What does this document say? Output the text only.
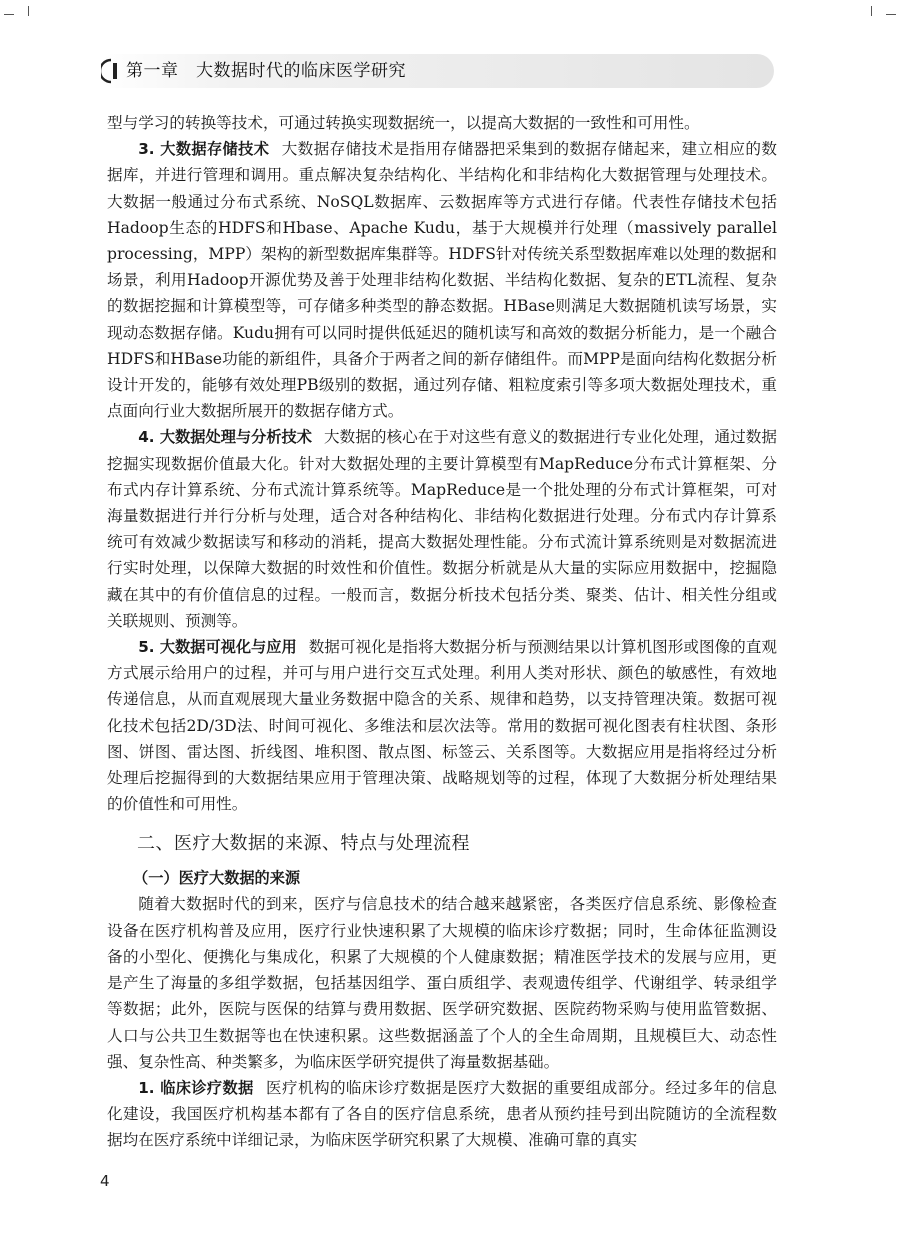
第一章　大数据时代的临床医学研究

型与学习的转换等技术，可通过转换实现数据统一，以提高大数据的一致性和可用性。

3. 大数据存储技术 大数据存储技术是指用存储器把采集到的数据存储起来，建立相应的数据库，并进行管理和调用。重点解决复杂结构化、半结构化和非结构化大数据管理与处理技术。大数据一般通过分布式系统、NoSQL数据库、云数据库等方式进行存储。代表性存储技术包括Hadoop生态的HDFS和Hbase、Apache Kudu，基于大规模并行处理（massively parallel processing，MPP）架构的新型数据库集群等。HDFS针对传统关系型数据库难以处理的数据和场景，利用Hadoop开源优势及善于处理非结构化数据、半结构化数据、复杂的ETL流程、复杂的数据挖掘和计算模型等，可存储多种类型的静态数据。HBase则满足大数据随机读写场景，实现动态数据存储。Kudu拥有可以同时提供低延迟的随机读写和高效的数据分析能力，是一个融合HDFS和HBase功能的新组件，具备介于两者之间的新存储组件。而MPP是面向结构化数据分析设计开发的，能够有效处理PB级别的数据，通过列存储、粗粒度索引等多项大数据处理技术，重点面向行业大数据所展开的数据存储方式。

4. 大数据处理与分析技术 大数据的核心在于对这些有意义的数据进行专业化处理，通过数据挖掘实现数据价值最大化。针对大数据处理的主要计算模型有MapReduce分布式计算框架、分布式内存计算系统、分布式流计算系统等。MapReduce是一个批处理的分布式计算框架，可对海量数据进行并行分析与处理，适合对各种结构化、非结构化数据进行处理。分布式内存计算系统可有效减少数据读写和移动的消耗，提高大数据处理性能。分布式流计算系统则是对数据流进行实时处理，以保障大数据的时效性和价值性。数据分析就是从大量的实际应用数据中，挖掘隐藏在其中的有价值信息的过程。一般而言，数据分析技术包括分类、聚类、估计、相关性分组或关联规则、预测等。

5. 大数据可视化与应用 数据可视化是指将大数据分析与预测结果以计算机图形或图像的直观方式展示给用户的过程，并可与用户进行交互式处理。利用人类对形状、颜色的敏感性，有效地传递信息，从而直观展现大量业务数据中隐含的关系、规律和趋势，以支持管理决策。数据可视化技术包括2D/3D法、时间可视化、多维法和层次法等。常用的数据可视化图表有柱状图、条形图、饼图、雷达图、折线图、堆积图、散点图、标签云、关系图等。大数据应用是指将经过分析处理后挖掘得到的大数据结果应用于管理决策、战略规划等的过程，体现了大数据分析处理结果的价值性和可用性。

二、医疗大数据的来源、特点与处理流程
（一）医疗大数据的来源

随着大数据时代的到来，医疗与信息技术的结合越来越紧密，各类医疗信息系统、影像检查设备在医疗机构普及应用，医疗行业快速积累了大规模的临床诊疗数据；同时，生命体征监测设备的小型化、便携化与集成化，积累了大规模的个人健康数据；精准医学技术的发展与应用，更是产生了海量的多组学数据，包括基因组学、蛋白质组学、表观遗传组学、代谢组学、转录组学等数据；此外，医院与医保的结算与费用数据、医学研究数据、医院药物采购与使用监管数据、人口与公共卫生数据等也在快速积累。这些数据涵盖了个人的全生命周期，且规模巨大、动态性强、复杂性高、种类繁多，为临床医学研究提供了海量数据基础。

1. 临床诊疗数据 医疗机构的临床诊疗数据是医疗大数据的重要组成部分。经过多年的信息化建设，我国医疗机构基本都有了各自的医疗信息系统，患者从预约挂号到出院随访的全流程数据均在医疗系统中详细记录，为临床医学研究积累了大规模、准确可靠的真实

4
